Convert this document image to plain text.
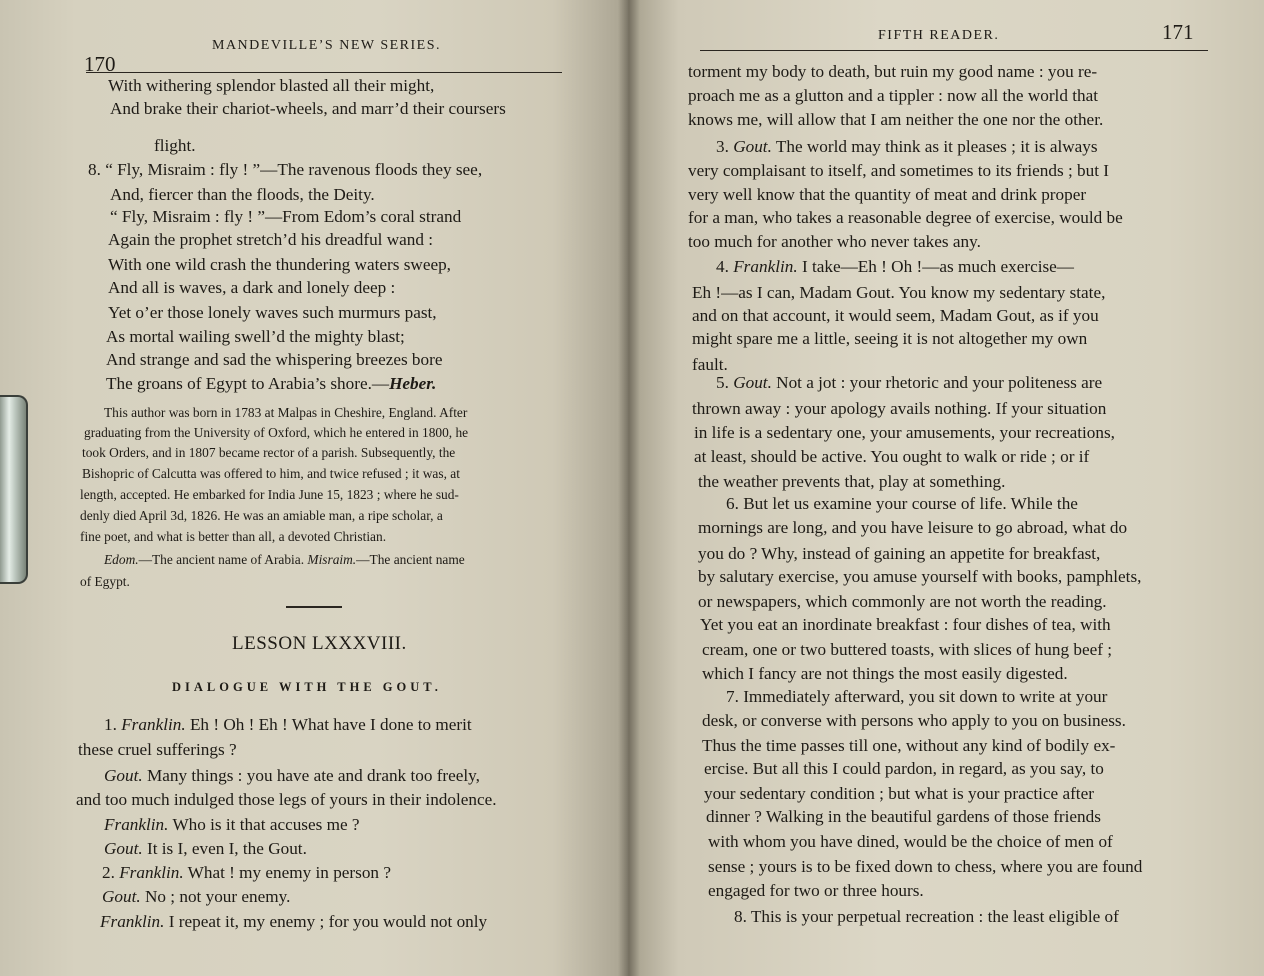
170
MANDEVILLE’S NEW SERIES.
With withering splendor blasted all their might,
And brake their chariot-wheels, and marr’d their coursers
flight.
8. “ Fly, Misraim : fly ! ”—The ravenous floods they see,
And, fiercer than the floods, the Deity.
“ Fly, Misraim : fly ! ”—From Edom’s coral strand
Again the prophet stretch’d his dreadful wand :
With one wild crash the thundering waters sweep,
And all is waves, a dark and lonely deep :
Yet o’er those lonely waves such murmurs past,
As mortal wailing swell’d the mighty blast;
And strange and sad the whispering breezes bore
The groans of Egypt to Arabia’s shore.—Heber.
This author was born in 1783 at Malpas in Cheshire, England. After
graduating from the University of Oxford, which he entered in 1800, he
took Orders, and in 1807 became rector of a parish. Subsequently, the
Bishopric of Calcutta was offered to him, and twice refused ; it was, at
length, accepted. He embarked for India June 15, 1823 ; where he sud-
denly died April 3d, 1826. He was an amiable man, a ripe scholar, a
fine poet, and what is better than all, a devoted Christian.
Edom.—The ancient name of Arabia. Misraim.—The ancient name
of Egypt.
LESSON LXXXVIII.
DIALOGUE WITH THE GOUT.
1. Franklin. Eh ! Oh ! Eh ! What have I done to merit
these cruel sufferings ?
Gout. Many things : you have ate and drank too freely,
and too much indulged those legs of yours in their indolence.
Franklin. Who is it that accuses me ?
Gout. It is I, even I, the Gout.
2. Franklin. What ! my enemy in person ?
Gout. No ; not your enemy.
Franklin. I repeat it, my enemy ; for you would not only
FIFTH READER.	171
torment my body to death, but ruin my good name : you re-
proach me as a glutton and a tippler : now all the world that
knows me, will allow that I am neither the one nor the other.
3. Gout. The world may think as it pleases ; it is always
very complaisant to itself, and sometimes to its friends ; but I
very well know that the quantity of meat and drink proper
for a man, who takes a reasonable degree of exercise, would be
too much for another who never takes any.
4. Franklin. I take—Eh ! Oh !—as much exercise—
Eh !—as I can, Madam Gout. You know my sedentary state,
and on that account, it would seem, Madam Gout, as if you
might spare me a little, seeing it is not altogether my own
fault.
5. Gout. Not a jot : your rhetoric and your politeness are
thrown away : your apology avails nothing. If your situation
in life is a sedentary one, your amusements, your recreations,
at least, should be active. You ought to walk or ride ; or if
the weather prevents that, play at something.
6. But let us examine your course of life. While the
mornings are long, and you have leisure to go abroad, what do
you do ? Why, instead of gaining an appetite for breakfast,
by salutary exercise, you amuse yourself with books, pamphlets,
or newspapers, which commonly are not worth the reading.
Yet you eat an inordinate breakfast : four dishes of tea, with
cream, one or two buttered toasts, with slices of hung beef ;
which I fancy are not things the most easily digested.
7. Immediately afterward, you sit down to write at your
desk, or converse with persons who apply to you on business.
Thus the time passes till one, without any kind of bodily ex-
ercise. But all this I could pardon, in regard, as you say, to
your sedentary condition ; but what is your practice after
dinner ? Walking in the beautiful gardens of those friends
with whom you have dined, would be the choice of men of
sense ; yours is to be fixed down to chess, where you are found
engaged for two or three hours.
8. This is your perpetual recreation : the least eligible of
